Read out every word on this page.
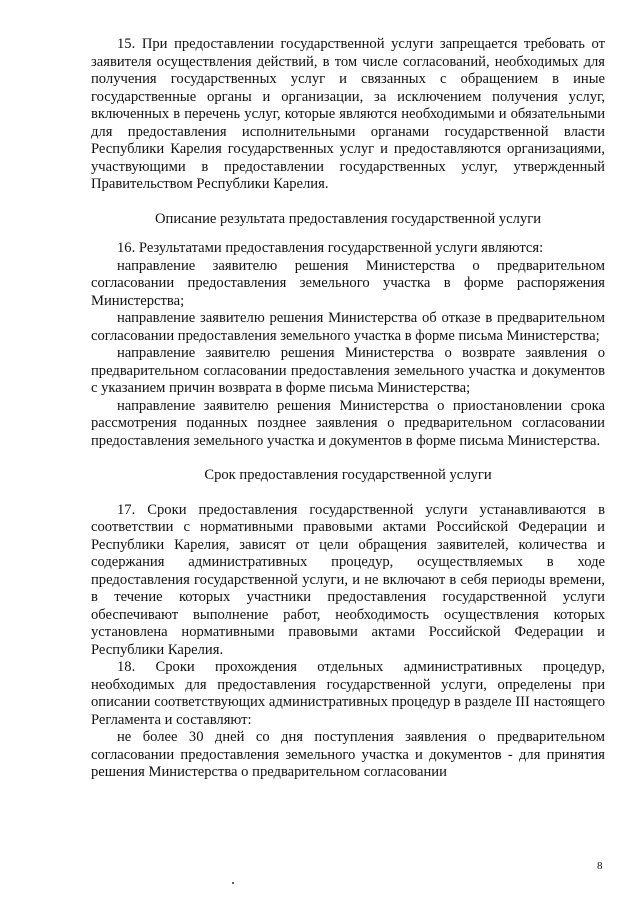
15. При предоставлении государственной услуги запрещается требовать от заявителя осуществления действий, в том числе согласований, необходимых для получения государственных услуг и связанных с обращением в иные государственные органы и организации, за исключением получения услуг, включенных в перечень услуг, которые являются необходимыми и обязательными для предоставления исполнительными органами государственной власти Республики Карелия государственных услуг и предоставляются организациями, участвующими в предоставлении государственных услуг, утвержденный Правительством Республики Карелия.

Описание результата предоставления государственной услуги

16. Результатами предоставления государственной услуги являются:

направление заявителю решения Министерства о предварительном согласовании предоставления земельного участка в форме распоряжения Министерства;

направление заявителю решения Министерства об отказе в предварительном согласовании предоставления земельного участка в форме письма Министерства;

направление заявителю решения Министерства о возврате заявления о предварительном согласовании предоставления земельного участка и документов с указанием причин возврата в форме письма Министерства;

направление заявителю решения Министерства о приостановлении срока рассмотрения поданных позднее заявления о предварительном согласовании предоставления земельного участка и документов в форме письма Министерства.

Срок предоставления государственной услуги

17. Сроки предоставления государственной услуги устанавливаются в соответствии с нормативными правовыми актами Российской Федерации и Республики Карелия, зависят от цели обращения заявителей, количества и содержания административных процедур, осуществляемых в ходе предоставления государственной услуги, и не включают в себя периоды времени, в течение которых участники предоставления государственной услуги обеспечивают выполнение работ, необходимость осуществления которых установлена нормативными правовыми актами Российской Федерации и Республики Карелия.

18. Сроки прохождения отдельных административных процедур, необходимых для предоставления государственной услуги, определены при описании соответствующих административных процедур в разделе III настоящего Регламента и составляют:

не более 30 дней со дня поступления заявления о предварительном согласовании предоставления земельного участка и документов - для принятия решения Министерства о предварительном согласовании

8
